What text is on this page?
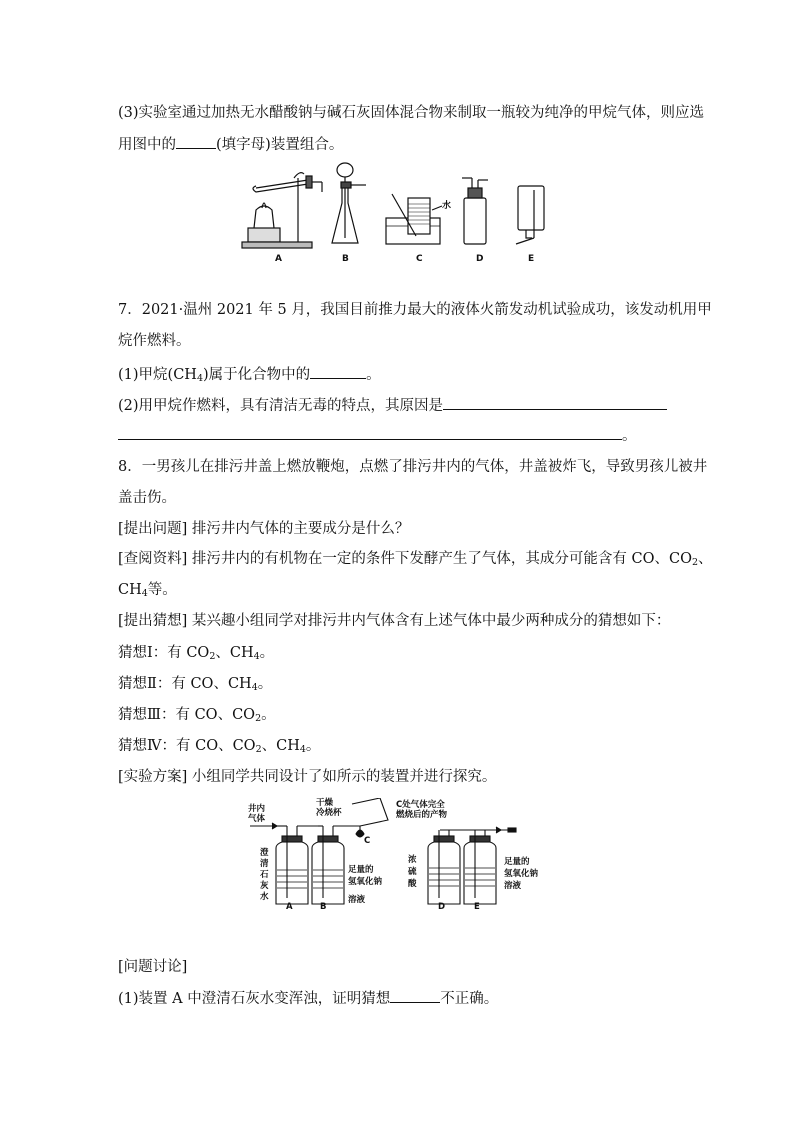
(3)实验室通过加热无水醋酸钠与碱石灰固体混合物来制取一瓶较为纯净的甲烷气体，则应选
用图中的	(填字母)装置组合。
A	B	C	D	E
水
7．2021·温州 2021 年 5 月，我国目前推力最大的液体火箭发动机试验成功，该发动机用甲
烷作燃料。
(1)甲烷$(CH_4)$属于化合物中的	。
(2)用甲烷作燃料，具有清洁无毒的特点，其原因是
。
8．一男孩儿在排污井盖上燃放鞭炮，点燃了排污井内的气体，井盖被炸飞，导致男孩儿被井
盖击伤。
[提出问题] 排污井内气体的主要成分是什么？
[查阅资料] 排污井内的有机物在一定的条件下发酵产生了气体，其成分可能含有 CO、$CO_2$、
$CH_4$等。
[提出猜想] 某兴趣小组同学对排污井内气体含有上述气体中最少两种成分的猜想如下：
猜想Ⅰ：有 $CO_2$、$CH_4$。
猜想Ⅱ：有 CO、$CH_4$。
猜想Ⅲ：有 CO、$CO_2$。
猜想Ⅳ：有 CO、$CO_2$、$CH_4$。
[实验方案] 小组同学共同设计了如所示的装置并进行探究。
井内
气体
干燥
冷烧杯
C处气体完全
燃烧后的产物
C
澄
清
石
灰
水
足量的
氢氧化钠
溶液
浓
硫
酸
足量的
氢氧化钠
溶液
A	B	D	E
[问题讨论]
(1)装置 A 中澄清石灰水变浑浊，证明猜想	不正确。
